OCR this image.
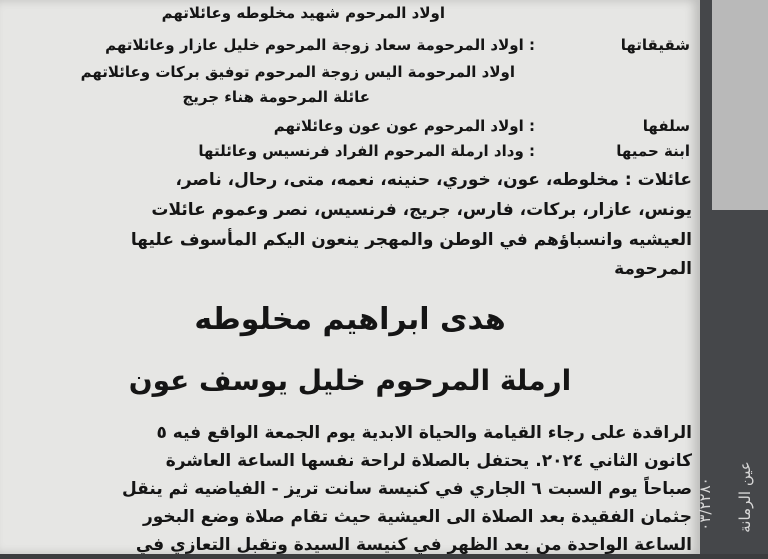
اولاد المرحوم شهيد مخلوطه وعائلاتهم
شقيقاتها
: اولاد المرحومة سعاد زوجة المرحوم خليل عازار وعائلاتهم
اولاد المرحومة اليس زوجة المرحوم توفيق بركات وعائلاتهم
عائلة المرحومة هناء جريج
سلفها
: اولاد المرحوم عون عون وعائلاتهم
ابنة حميها
: وداد ارملة المرحوم الفراد فرنسيس وعائلتها
عائلات : مخلوطه، عون، خوري، حنينه، نعمه، متى، رحال، ناصر،
يونس، عازار، بركات، فارس، جريج، فرنسيس، نصر وعموم عائلات
العيشيه وانسباؤهم في الوطن والمهجر ينعون اليكم المأسوف عليها
المرحومة
هدى ابراهيم مخلوطه
ارملة المرحوم خليل يوسف عون
الراقدة على رجاء القيامة والحياة الابدية يوم الجمعة الواقع فيه ٥
كانون الثاني ٢٠٢٤. يحتفل بالصلاة لراحة نفسها الساعة العاشرة
صباحاً يوم السبت ٦ الجاري في كنيسة سانت تريز - الفياضيه ثم ينقل
جثمان الفقيدة بعد الصلاة الى العيشية حيث تقام صلاة وضع البخور
الساعة الواحدة من بعد الظهر في كنيسة السيدة وتقبل التعازي في
عين الرمانة
٠٣/٢٢٨٠
